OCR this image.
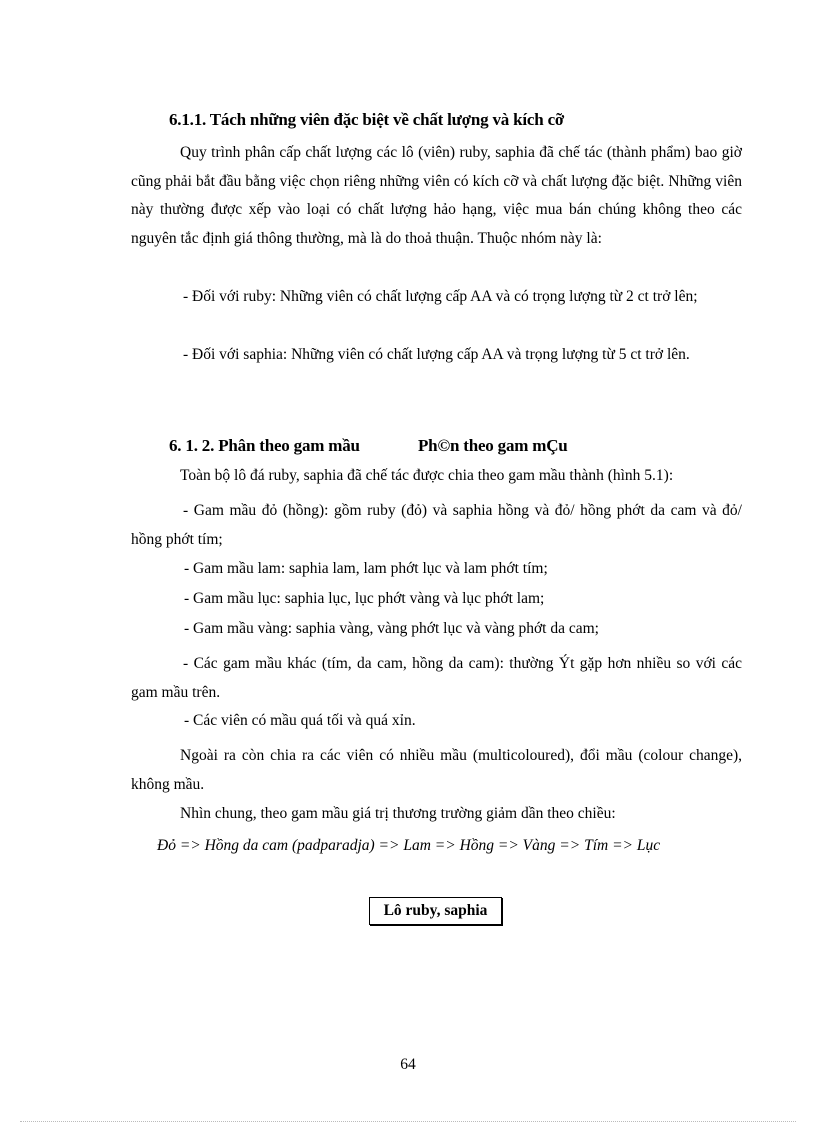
6.1.1. Tách những viên đặc biệt về chất lượng và kích cỡ

Quy trình phân cấp chất lượng các lô (viên) ruby, saphia đã chế tác (thành phẩm) bao giờ cũng phải bắt đầu bằng việc chọn riêng những viên có kích cỡ và chất lượng đặc biệt. Những viên này thường được xếp vào loại có chất lượng hảo hạng, việc mua bán chúng không theo các nguyên tắc định giá thông thường, mà là do thoả thuận. Thuộc nhóm này là:

- Đối với ruby: Những viên có chất lượng cấp AA và có trọng lượng từ 2 ct trở lên;

- Đối với saphia: Những viên có chất lượng cấp AA và trọng lượng từ 5 ct trở lên.

6. 1. 2. Phân theo gam mầu	Ph©n theo gam mÇu

Toàn bộ lô đá ruby, saphia đã chế tác được chia theo gam mầu thành (hình 5.1):

- Gam mầu đỏ (hồng): gồm ruby (đỏ) và saphia hồng và đỏ/ hồng phớt da cam và đỏ/ hồng phớt tím;

- Gam mầu lam: saphia lam, lam phớt lục và lam phớt tím;

- Gam mầu lục: saphia lục, lục phớt vàng và lục phớt lam;

- Gam mầu vàng: saphia vàng, vàng phớt lục và vàng phớt da cam;

- Các gam mầu khác (tím, da cam, hồng da cam): thường Ýt gặp hơn nhiều so với các gam mầu trên.

- Các viên có mầu quá tối và quá xỉn.

Ngoài ra còn chia ra các viên có nhiều mầu (multicoloured), đổi mầu (colour change), không mầu.

Nhìn chung, theo gam mầu giá trị thương trường giảm dần theo chiều:

Đỏ => Hồng da cam (padparadja) => Lam => Hồng => Vàng => Tím => Lục

Lô ruby, saphia

64
